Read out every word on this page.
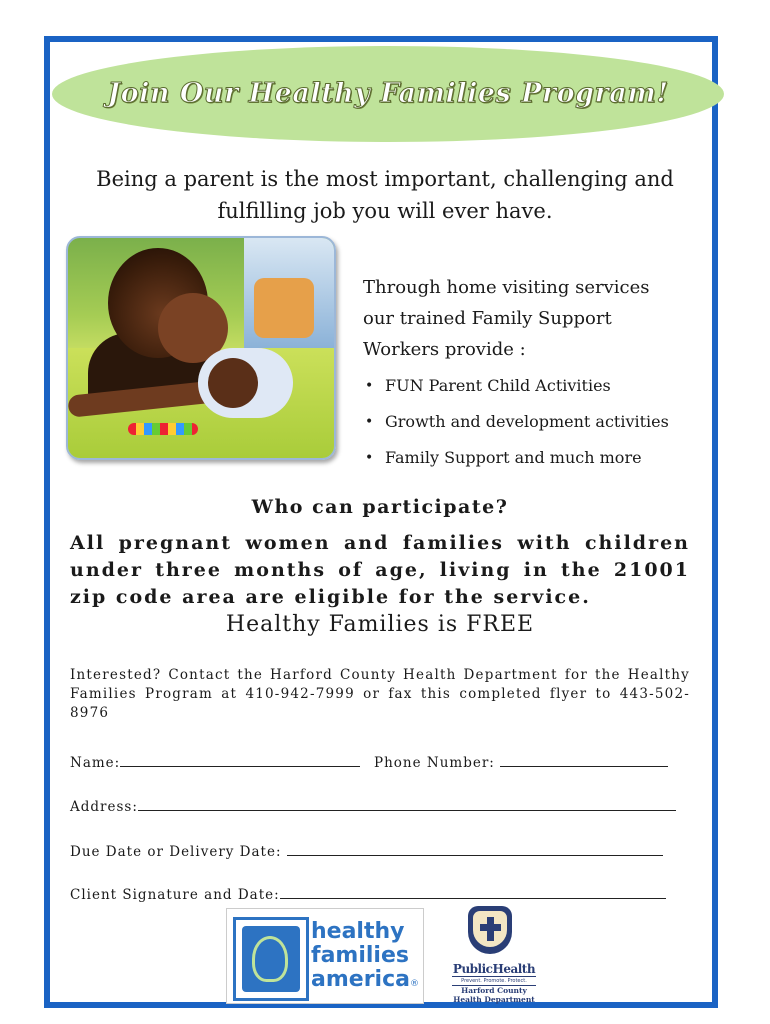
Join Our Healthy Families Program!
Being a parent is the most important, challenging and
fulfilling job you will ever have.
Through home visiting services
our trained Family Support
Workers provide :
• FUN Parent Child Activities
• Growth and development activities
• Family Support and much more
Who can participate?
All pregnant women and families with children under three months of age, living in the 21001 zip code area are eligible for the service.
Healthy Families is FREE
Interested? Contact the Harford County Health Department for the Healthy Families Program at 410-942-7999 or fax this completed flyer to 443-502-8976
Name:	Phone Number:
Address:
Due Date or Delivery Date:
Client Signature and Date:
healthy
families
america®
PublicHealth
Prevent. Promote. Protect.
Harford County
Health Department
